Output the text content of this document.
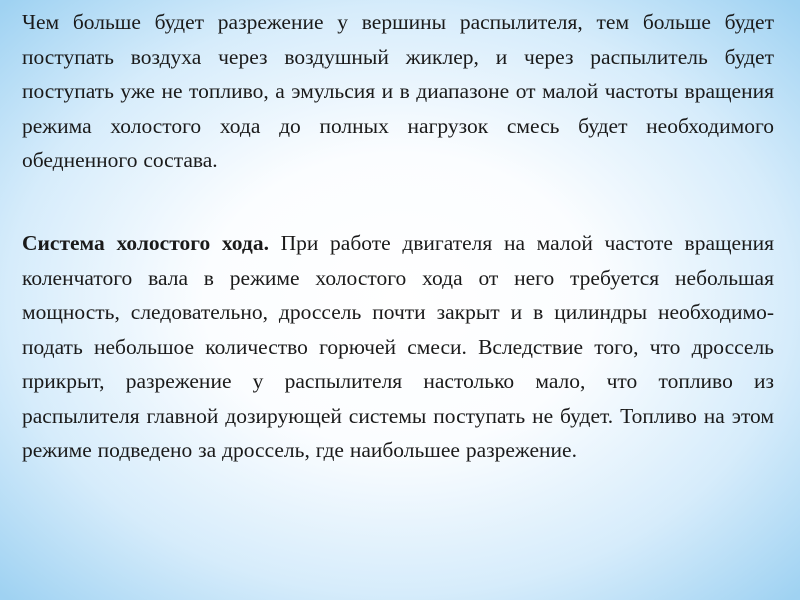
Чем больше будет разрежение у вершины распылителя, тем больше будет поступать воздуха через воздушный жиклер, и через распылитель будет поступать уже не топливо, а эмульсия и в диапазоне от малой частоты вращения режима холостого хода до полных нагрузок смесь будет необходимого обедненного состава.

Система холостого хода. При работе двигателя на малой частоте вращения коленчатого вала в режиме холостого хода от него требуется небольшая мощность, следовательно, дроссель почти закрыт и в цилиндры необходимо- подать небольшое количество горючей смеси. Вследствие того, что дроссель прикрыт, разрежение у распылителя настолько мало, что топливо из распылителя главной дозирующей системы поступать не будет. Топливо на этом режиме подведено за дроссель, где наибольшее разрежение.
